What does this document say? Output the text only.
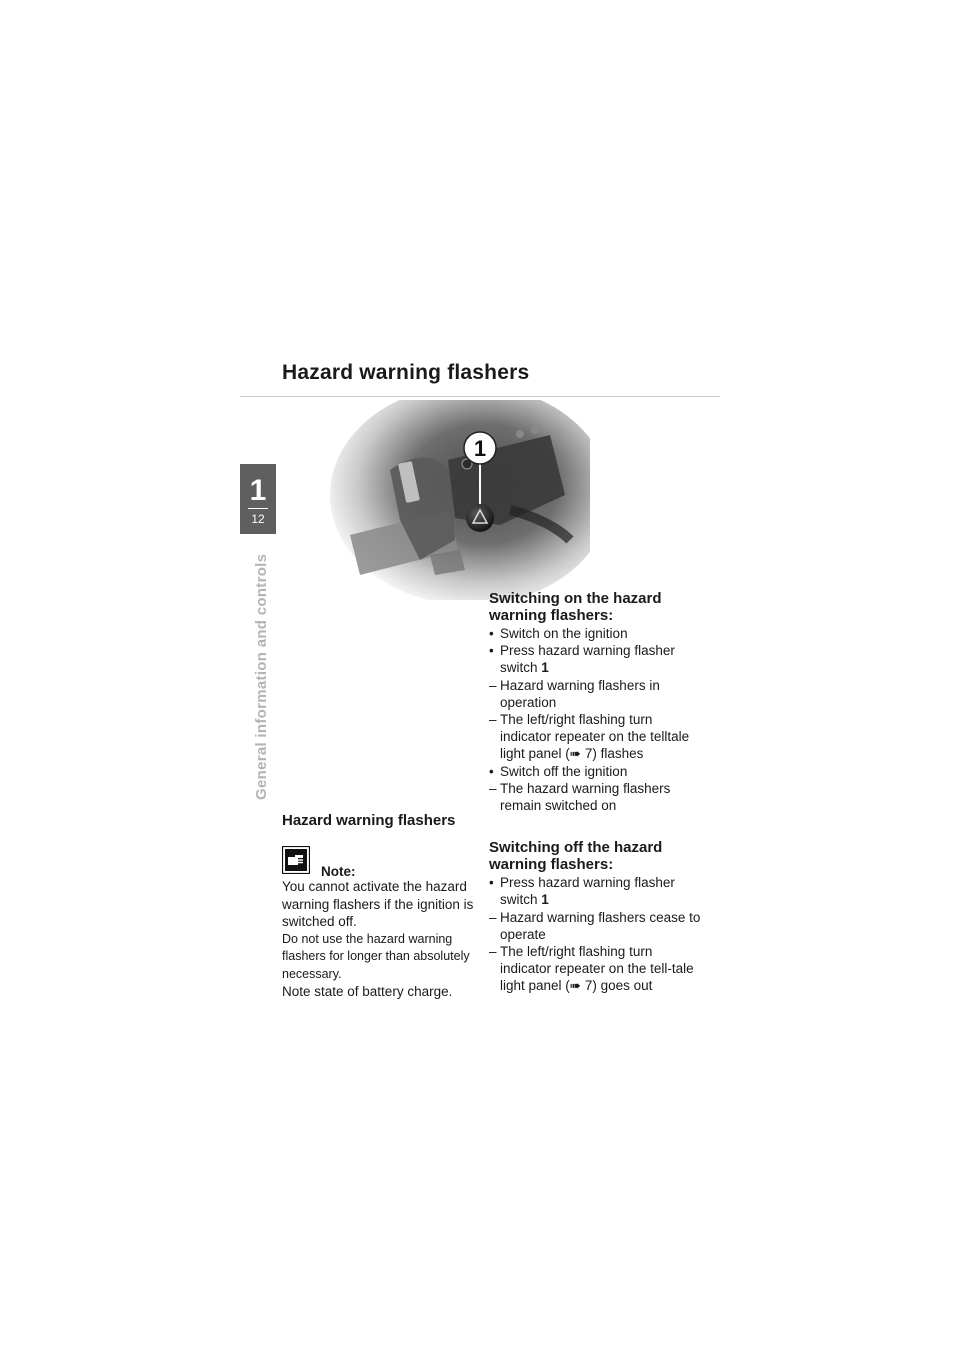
Hazard warning flashers
1
12
General information and controls
1
Hazard warning flashers
Note:

You cannot activate the hazard warning flashers if the ignition is switched off.

Do not use the hazard warning flashers for longer than absolutely necessary.

Note state of battery charge.

Switching on the hazard warning flashers:
• Switch on the ignition
• Press hazard warning flasher switch 1
– Hazard warning flashers in operation
– The left/right flashing turn indicator repeater on the telltale light panel (➠ 7) flashes
• Switch off the ignition
– The hazard warning flashers remain switched on
Switching off the hazard warning flashers:
• Press hazard warning flasher switch 1
– Hazard warning flashers cease to operate
– The left/right flashing turn indicator repeater on the tell-tale light panel (➠ 7) goes out
